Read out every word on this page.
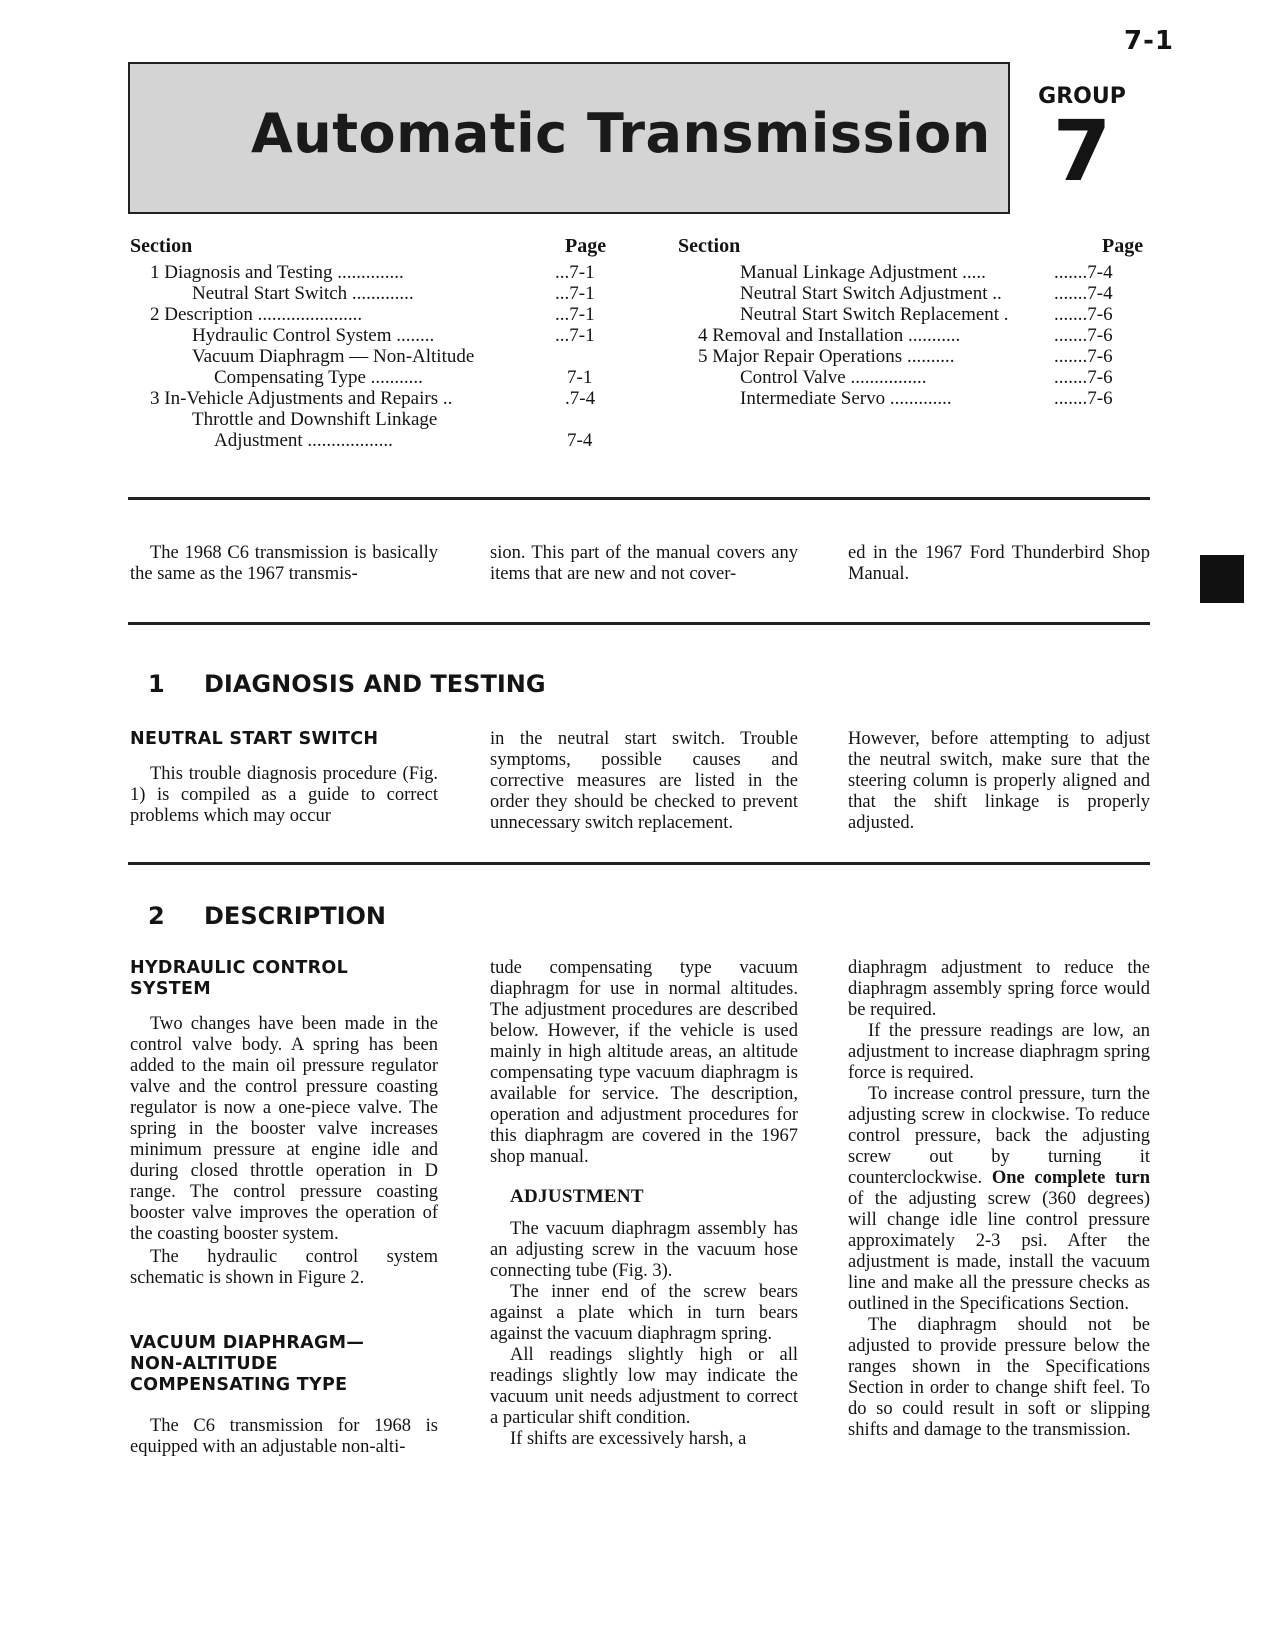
7-1
Automatic Transmission
GROUP
7
Section	Page
1 Diagnosis and Testing ..............	...7-1
Neutral Start Switch .............	...7-1
2 Description ......................	...7-1
Hydraulic Control System ........	...7-1
Vacuum Diaphragm — Non-Altitude
Compensating Type ...........	7-1
3 In-Vehicle Adjustments and Repairs ..	.7-4
Throttle and Downshift Linkage
Adjustment ..................	7-4
Section	Page
Manual Linkage Adjustment .....	.......7-4
Neutral Start Switch Adjustment ..	.......7-4
Neutral Start Switch Replacement . .......7-6
4 Removal and Installation ...........	.......7-6
5 Major Repair Operations ..........	.......7-6
Control Valve ................	.......7-6
Intermediate Servo .............	.......7-6

The 1968 C6 transmission is basically the same as the 1967 transmis-

sion. This part of the manual covers any items that are new and not cover-

ed in the 1967 Ford Thunderbird Shop Manual.

1 DIAGNOSIS AND TESTING

NEUTRAL START SWITCH

This trouble diagnosis procedure (Fig. 1) is compiled as a guide to correct problems which may occur

in the neutral start switch. Trouble symptoms, possible causes and corrective measures are listed in the order they should be checked to prevent unnecessary switch replacement.

However, before attempting to adjust the neutral switch, make sure that the steering column is properly aligned and that the shift linkage is properly adjusted.

2 DESCRIPTION

HYDRAULIC CONTROL

SYSTEM

Two changes have been made in the control valve body. A spring has been added to the main oil pressure regulator valve and the control pressure coasting regulator is now a one-piece valve. The spring in the booster valve increases minimum pressure at engine idle and during closed throttle operation in D range. The control pressure coasting booster valve improves the operation of the coasting booster system.

The hydraulic control system schematic is shown in Figure 2.

VACUUM DIAPHRAGM—

NON-ALTITUDE

COMPENSATING TYPE

The C6 transmission for 1968 is equipped with an adjustable non-alti-

tude compensating type vacuum diaphragm for use in normal altitudes. The adjustment procedures are described below. However, if the vehicle is used mainly in high altitude areas, an altitude compensating type vacuum diaphragm is available for service. The description, operation and adjustment procedures for this diaphragm are covered in the 1967 shop manual.

ADJUSTMENT

The vacuum diaphragm assembly has an adjusting screw in the vacuum hose connecting tube (Fig. 3).

The inner end of the screw bears against a plate which in turn bears against the vacuum diaphragm spring.

All readings slightly high or all readings slightly low may indicate the vacuum unit needs adjustment to correct a particular shift condition.

If shifts are excessively harsh, a

diaphragm adjustment to reduce the diaphragm assembly spring force would be required.

If the pressure readings are low, an adjustment to increase diaphragm spring force is required.

To increase control pressure, turn the adjusting screw in clockwise. To reduce control pressure, back the adjusting screw out by turning it counterclockwise. One complete turn of the adjusting screw (360 degrees) will change idle line control pressure approximately 2-3 psi. After the adjustment is made, install the vacuum line and make all the pressure checks as outlined in the Specifications Section.

The diaphragm should not be adjusted to provide pressure below the ranges shown in the Specifications Section in order to change shift feel. To do so could result in soft or slipping shifts and damage to the transmission.
